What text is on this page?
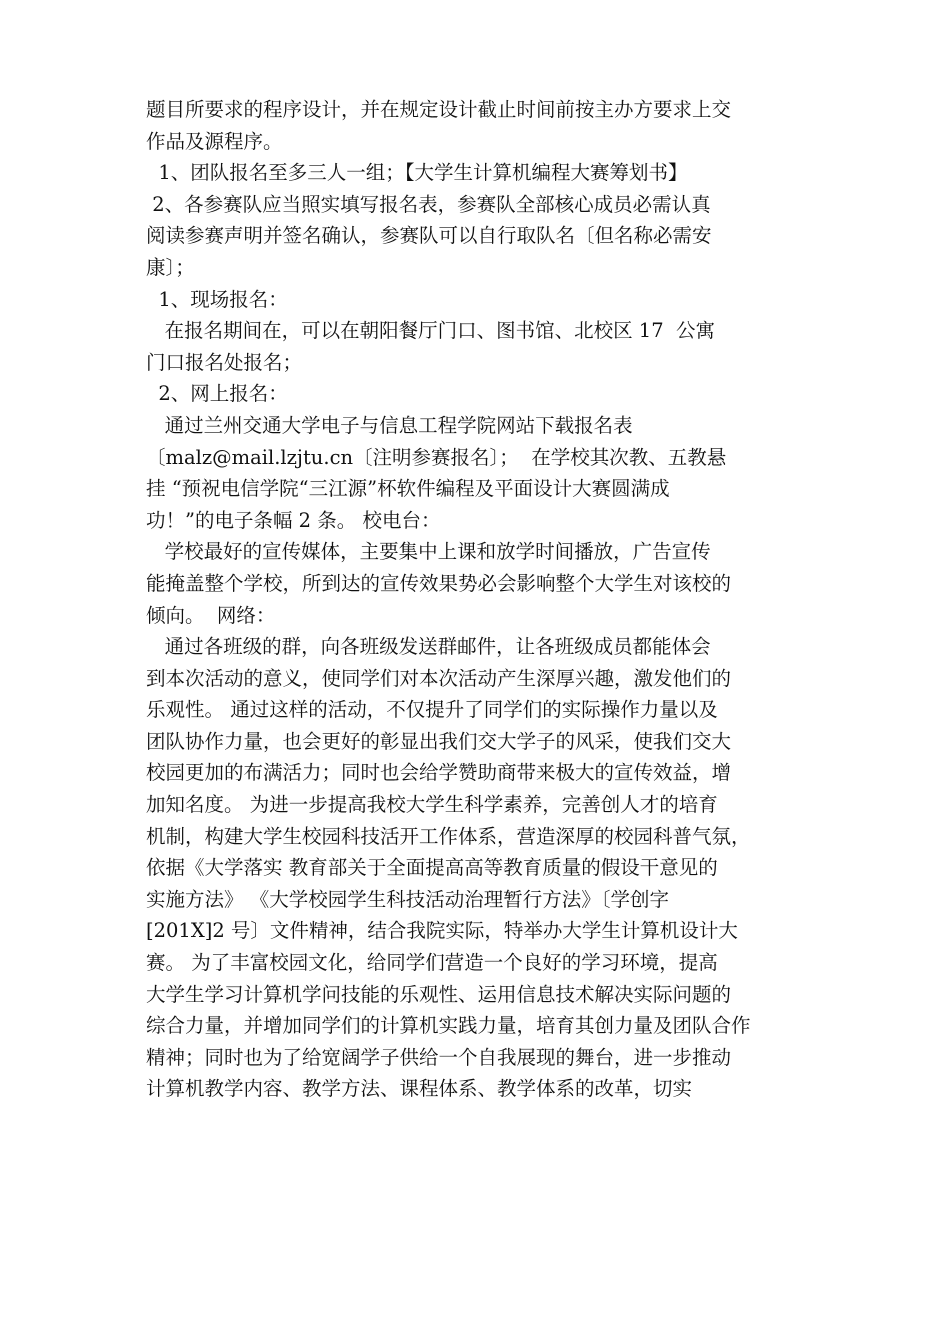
题目所要求的程序设计，并在规定设计截止时间前按主办方要求上交
作品及源程序。
1、团队报名至多三人一组；【大学生计算机编程大赛筹划书】
2、各参赛队应当照实填写报名表，参赛队全部核心成员必需认真
阅读参赛声明并签名确认，参赛队可以自行取队名〔但名称必需安
康〕；
1、现场报名：
在报名期间在，可以在朝阳餐厅门口、图书馆、北校区 17  公寓
门口报名处报名；
2、网上报名：
通过兰州交通大学电子与信息工程学院网站下载报名表
〔malz@mail.lzjtu.cn〔注明参赛报名〕；  在学校其次教、五教悬
挂 “预祝电信学院“三江源”杯软件编程及平面设计大赛圆满成
功！”的电子条幅 2 条。 校电台：
学校最好的宣传媒体，主要集中上课和放学时间播放，广告宣传
能掩盖整个学校，所到达的宣传效果势必会影响整个大学生对该校的
倾向。  网络：
通过各班级的群，向各班级发送群邮件，让各班级成员都能体会
到本次活动的意义，使同学们对本次活动产生深厚兴趣，激发他们的
乐观性。 通过这样的活动，不仅提升了同学们的实际操作力量以及
团队协作力量，也会更好的彰显出我们交大学子的风采，使我们交大
校园更加的布满活力；同时也会给学赞助商带来极大的宣传效益，增
加知名度。 为进一步提高我校大学生科学素养，完善创人才的培育
机制，构建大学生校园科技活开工作体系，营造深厚的校园科普气氛，
依据《大学落实 教育部关于全面提高高等教育质量的假设干意见的
实施方法》 《大学校园学生科技活动治理暂行方法》〔学创字
[201X]2 号〕文件精神，结合我院实际，特举办大学生计算机设计大
赛。 为了丰富校园文化，给同学们营造一个良好的学习环境，提高
大学生学习计算机学问技能的乐观性、运用信息技术解决实际问题的
综合力量，并增加同学们的计算机实践力量，培育其创力量及团队合作
精神；同时也为了给宽阔学子供给一个自我展现的舞台，进一步推动
计算机教学内容、教学方法、课程体系、教学体系的改革，切实
